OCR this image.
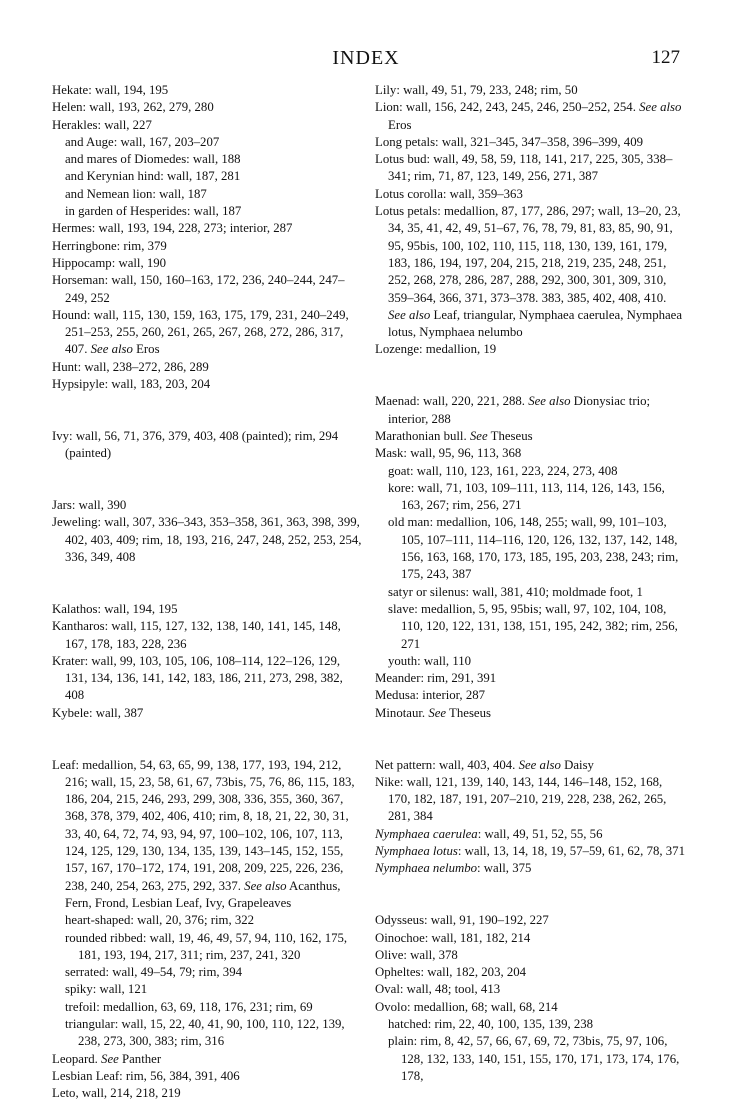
INDEX	127

Hekate: wall, 194, 195

Helen: wall, 193, 262, 279, 280

Herakles: wall, 227

and Auge: wall, 167, 203–207

and mares of Diomedes: wall, 188

and Kerynian hind: wall, 187, 281

and Nemean lion: wall, 187

in garden of Hesperides: wall, 187

Hermes: wall, 193, 194, 228, 273; interior, 287

Herringbone: rim, 379

Hippocamp: wall, 190

Horseman: wall, 150, 160–163, 172, 236, 240–244, 247–249, 252

Hound: wall, 115, 130, 159, 163, 175, 179, 231, 240–249, 251–253, 255, 260, 261, 265, 267, 268, 272, 286, 317, 407. See also Eros

Hunt: wall, 238–272, 286, 289

Hypsipyle: wall, 183, 203, 204

Ivy: wall, 56, 71, 376, 379, 403, 408 (painted); rim, 294 (painted)

Jars: wall, 390

Jeweling: wall, 307, 336–343, 353–358, 361, 363, 398, 399, 402, 403, 409; rim, 18, 193, 216, 247, 248, 252, 253, 254, 336, 349, 408

Kalathos: wall, 194, 195

Kantharos: wall, 115, 127, 132, 138, 140, 141, 145, 148, 167, 178, 183, 228, 236

Krater: wall, 99, 103, 105, 106, 108–114, 122–126, 129, 131, 134, 136, 141, 142, 183, 186, 211, 273, 298, 382, 408

Kybele: wall, 387

Leaf: medallion, 54, 63, 65, 99, 138, 177, 193, 194, 212, 216; wall, 15, 23, 58, 61, 67, 73bis, 75, 76, 86, 115, 183, 186, 204, 215, 246, 293, 299, 308, 336, 355, 360, 367, 368, 378, 379, 402, 406, 410; rim, 8, 18, 21, 22, 30, 31, 33, 40, 64, 72, 74, 93, 94, 97, 100–102, 106, 107, 113, 124, 125, 129, 130, 134, 135, 139, 143–145, 152, 155, 157, 167, 170–172, 174, 191, 208, 209, 225, 226, 236, 238, 240, 254, 263, 275, 292, 337. See also Acanthus, Fern, Frond, Lesbian Leaf, Ivy, Grapeleaves

heart-shaped: wall, 20, 376; rim, 322

rounded ribbed: wall, 19, 46, 49, 57, 94, 110, 162, 175, 181, 193, 194, 217, 311; rim, 237, 241, 320

serrated: wall, 49–54, 79; rim, 394

spiky: wall, 121

trefoil: medallion, 63, 69, 118, 176, 231; rim, 69

triangular: wall, 15, 22, 40, 41, 90, 100, 110, 122, 139, 238, 273, 300, 383; rim, 316

Leopard. See Panther

Lesbian Leaf: rim, 56, 384, 391, 406

Leto, wall, 214, 218, 219

Lily: wall, 49, 51, 79, 233, 248; rim, 50

Lion: wall, 156, 242, 243, 245, 246, 250–252, 254. See also Eros

Long petals: wall, 321–345, 347–358, 396–399, 409

Lotus bud: wall, 49, 58, 59, 118, 141, 217, 225, 305, 338–341; rim, 71, 87, 123, 149, 256, 271, 387

Lotus corolla: wall, 359–363

Lotus petals: medallion, 87, 177, 286, 297; wall, 13–20, 23, 34, 35, 41, 42, 49, 51–67, 76, 78, 79, 81, 83, 85, 90, 91, 95, 95bis, 100, 102, 110, 115, 118, 130, 139, 161, 179, 183, 186, 194, 197, 204, 215, 218, 219, 235, 248, 251, 252, 268, 278, 286, 287, 288, 292, 300, 301, 309, 310, 359–364, 366, 371, 373–378. 383, 385, 402, 408, 410.
See also Leaf, triangular, Nymphaea caerulea, Nymphaea lotus, Nymphaea nelumbo

Lozenge: medallion, 19

Maenad: wall, 220, 221, 288. See also Dionysiac trio; interior, 288

Marathonian bull. See Theseus

Mask: wall, 95, 96, 113, 368

goat: wall, 110, 123, 161, 223, 224, 273, 408

kore: wall, 71, 103, 109–111, 113, 114, 126, 143, 156, 163, 267; rim, 256, 271

old man: medallion, 106, 148, 255; wall, 99, 101–103, 105, 107–111, 114–116, 120, 126, 132, 137, 142, 148, 156, 163, 168, 170, 173, 185, 195, 203, 238, 243; rim, 175, 243, 387

satyr or silenus: wall, 381, 410; moldmade foot, 1

slave: medallion, 5, 95, 95bis; wall, 97, 102, 104, 108, 110, 120, 122, 131, 138, 151, 195, 242, 382; rim, 256, 271

youth: wall, 110

Meander: rim, 291, 391

Medusa: interior, 287

Minotaur. See Theseus

Net pattern: wall, 403, 404. See also Daisy

Nike: wall, 121, 139, 140, 143, 144, 146–148, 152, 168, 170, 182, 187, 191, 207–210, 219, 228, 238, 262, 265, 281, 384

Nymphaea caerulea: wall, 49, 51, 52, 55, 56

Nymphaea lotus: wall, 13, 14, 18, 19, 57–59, 61, 62, 78, 371

Nymphaea nelumbo: wall, 375

Odysseus: wall, 91, 190–192, 227

Oinochoe: wall, 181, 182, 214

Olive: wall, 378

Opheltes: wall, 182, 203, 204

Oval: wall, 48; tool, 413

Ovolo: medallion, 68; wall, 68, 214

hatched: rim, 22, 40, 100, 135, 139, 238

plain: rim, 8, 42, 57, 66, 67, 69, 72, 73bis, 75, 97, 106, 128, 132, 133, 140, 151, 155, 170, 171, 173, 174, 176, 178,
